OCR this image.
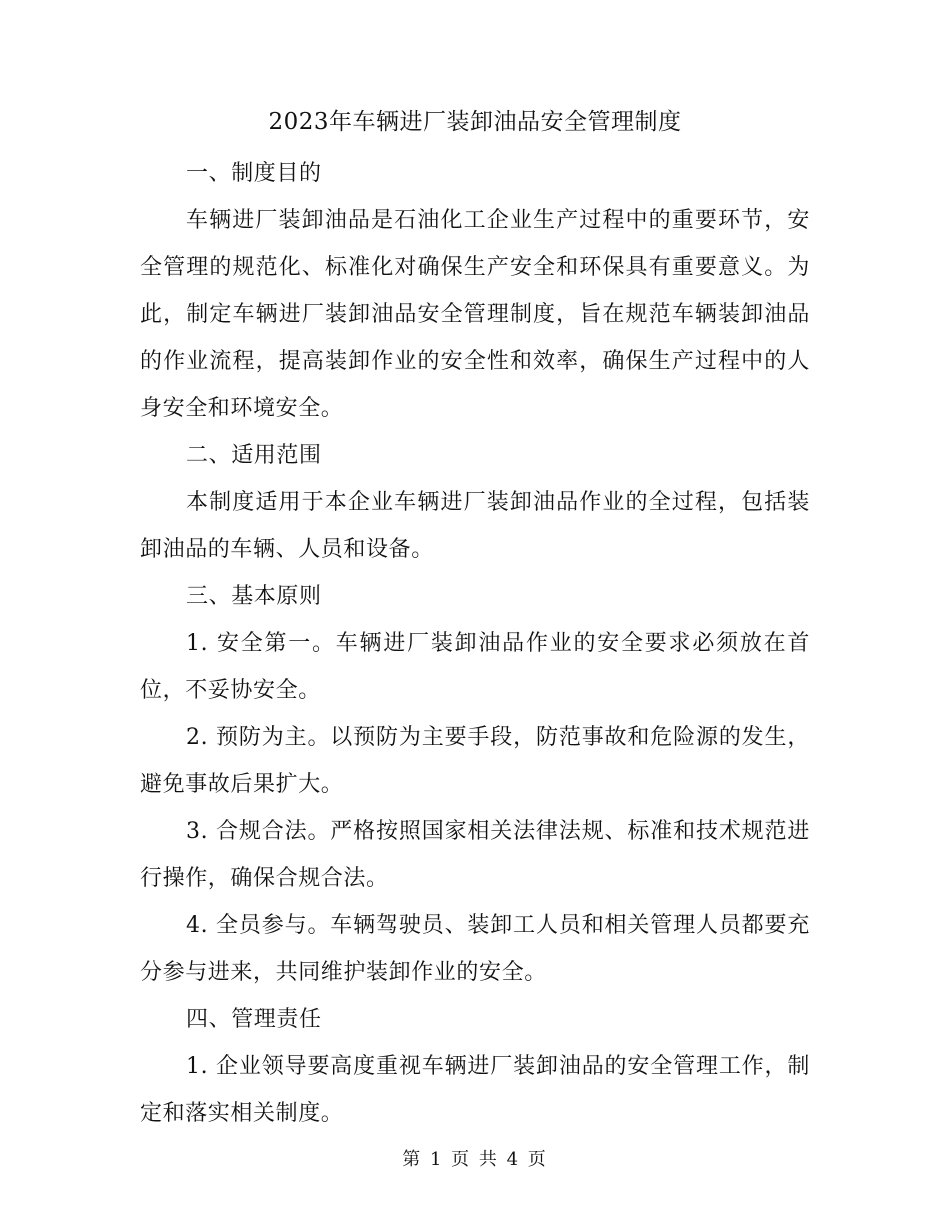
2023年车辆进厂装卸油品安全管理制度

一、制度目的

车辆进厂装卸油品是石油化工企业生产过程中的重要环节，安全管理的规范化、标准化对确保生产安全和环保具有重要意义。为此，制定车辆进厂装卸油品安全管理制度，旨在规范车辆装卸油品的作业流程，提高装卸作业的安全性和效率，确保生产过程中的人身安全和环境安全。

二、适用范围

本制度适用于本企业车辆进厂装卸油品作业的全过程，包括装卸油品的车辆、人员和设备。

三、基本原则

1. 安全第一。车辆进厂装卸油品作业的安全要求必须放在首位，不妥协安全。

2. 预防为主。以预防为主要手段，防范事故和危险源的发生，避免事故后果扩大。

3. 合规合法。严格按照国家相关法律法规、标准和技术规范进行操作，确保合规合法。

4. 全员参与。车辆驾驶员、装卸工人员和相关管理人员都要充分参与进来，共同维护装卸作业的安全。

四、管理责任

1. 企业领导要高度重视车辆进厂装卸油品的安全管理工作，制定和落实相关制度。

第 1 页 共 4 页
